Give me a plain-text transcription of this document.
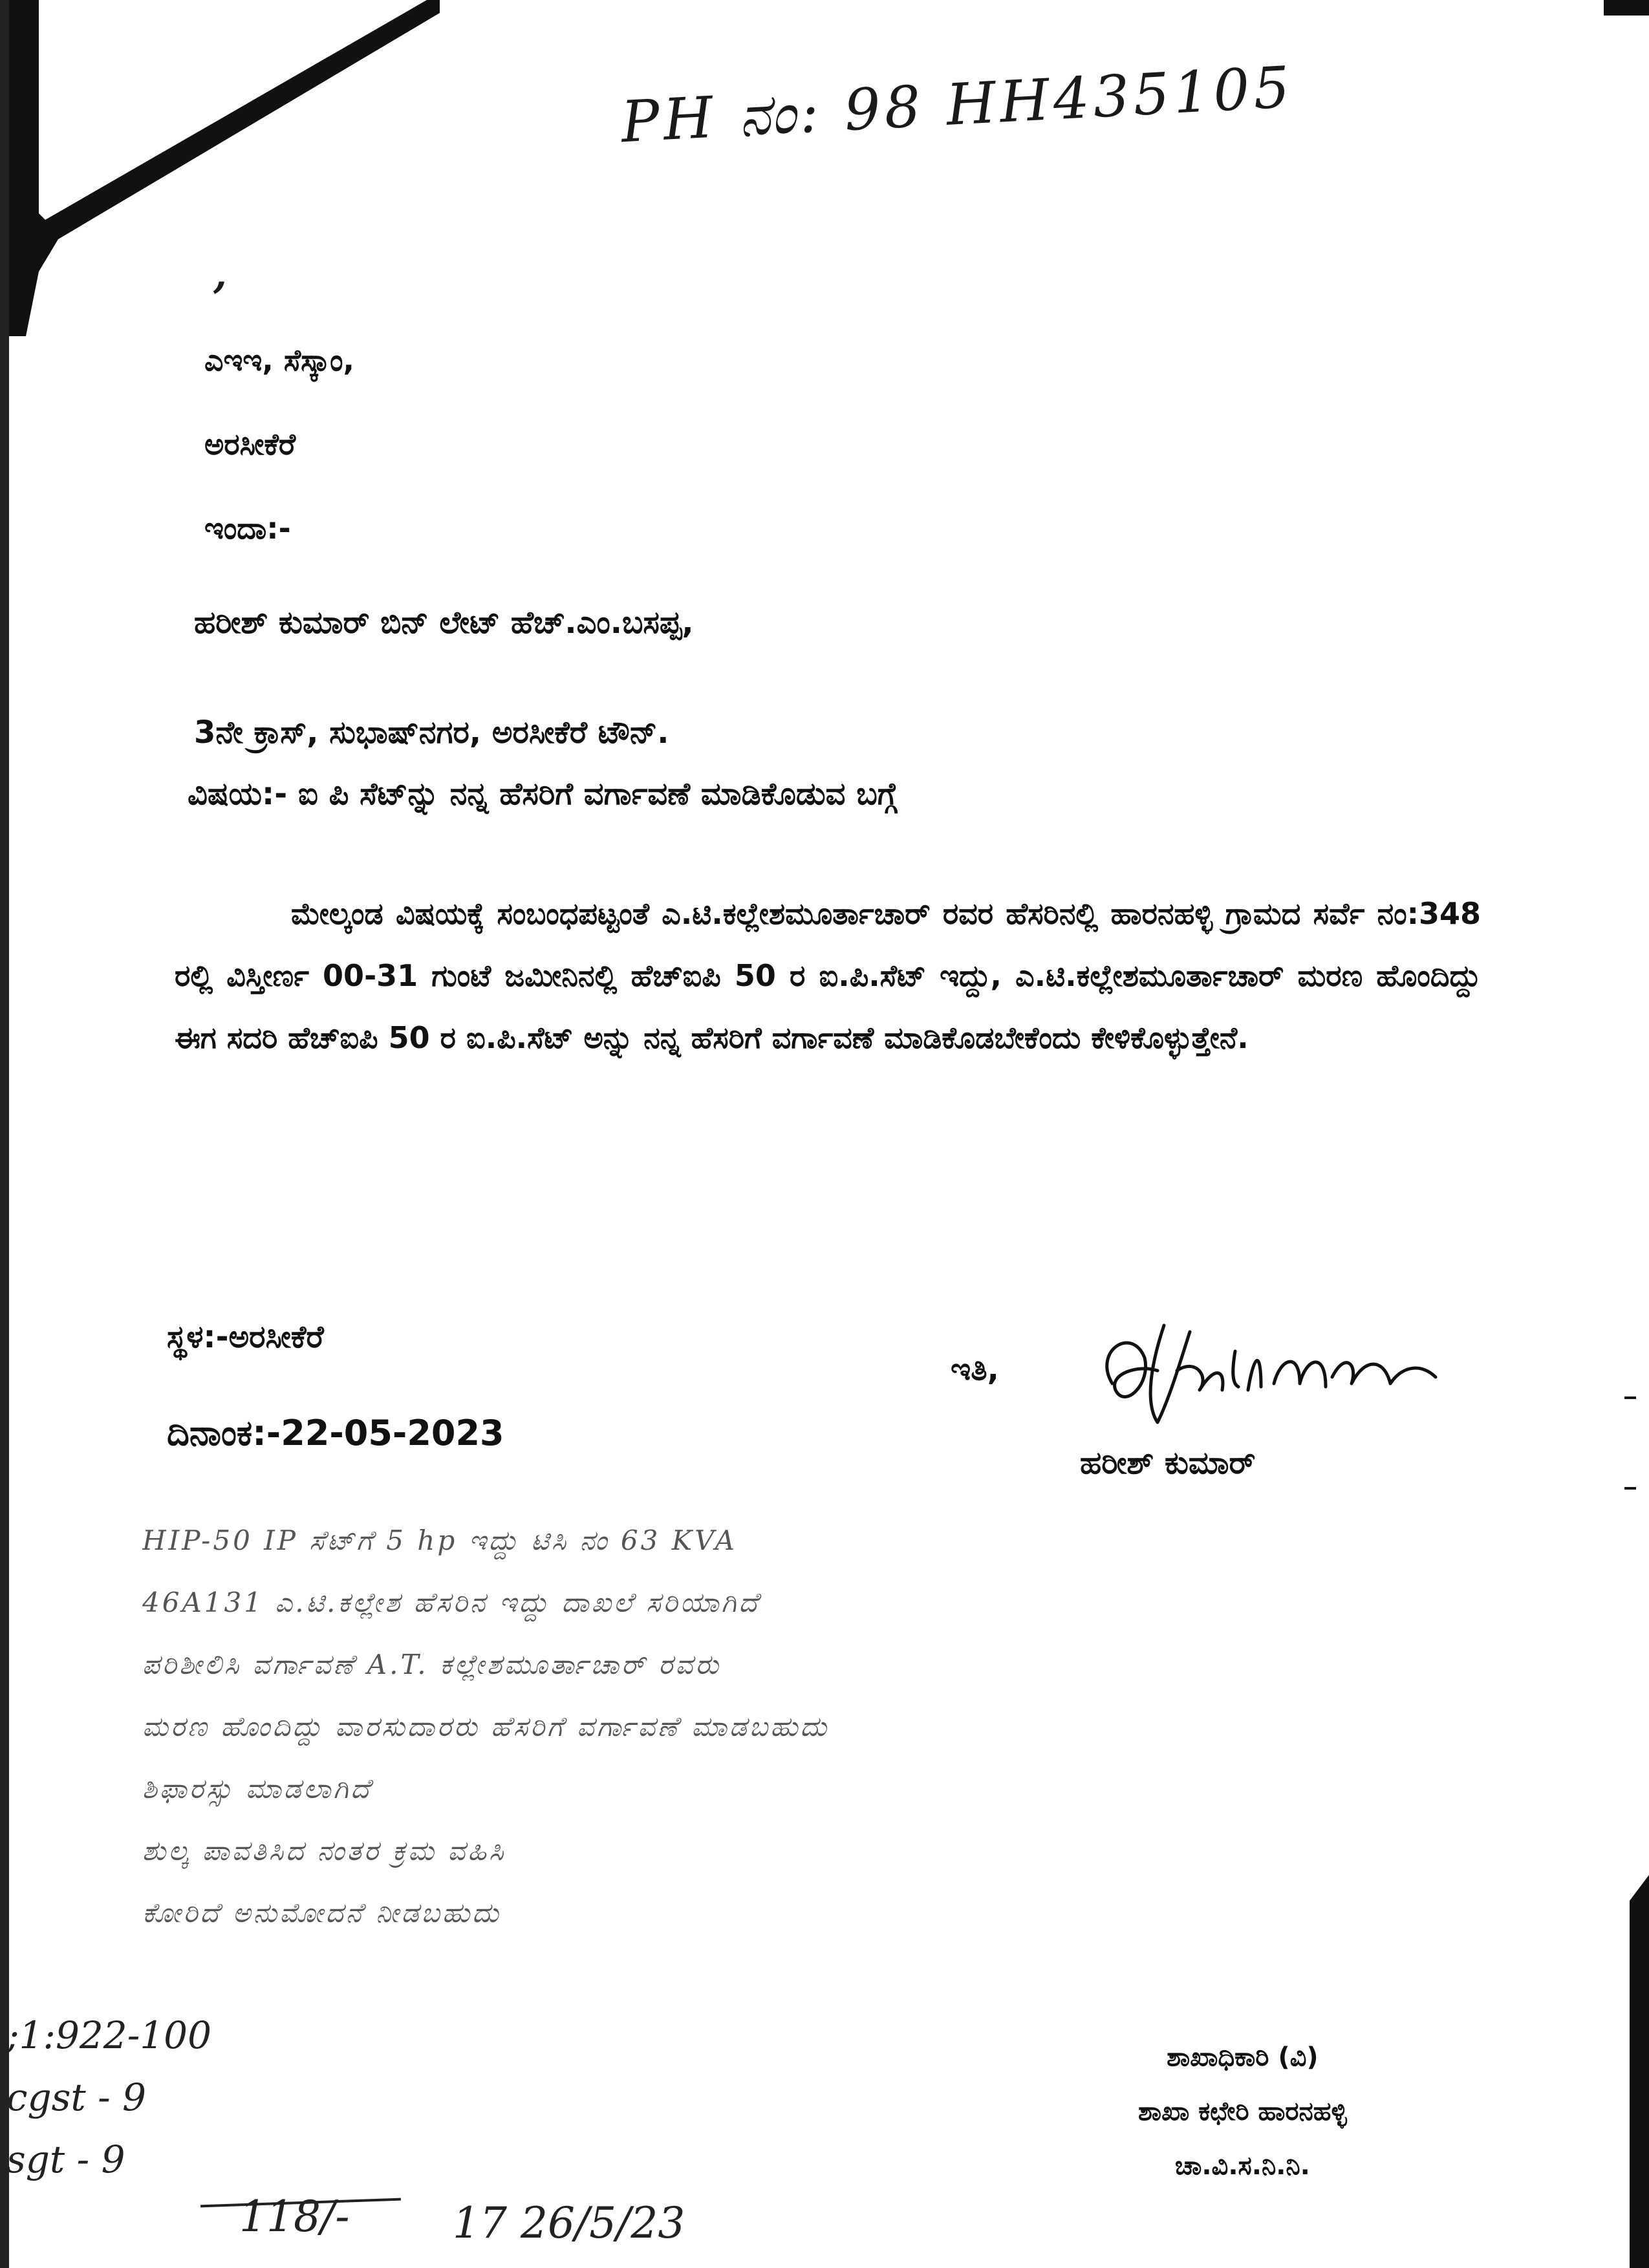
PH ನಂ: 98 HH435105
,
ಎಇಇ, ಸೆಸ್ಕಾಂ,
ಅರಸೀಕೆರೆ
ಇಂದಾ:-
ಹರೀಶ್ ಕುಮಾರ್ ಬಿನ್ ಲೇಟ್ ಹೆಚ್.ಎಂ.ಬಸಪ್ಪ,
3ನೇ ಕ್ರಾಸ್, ಸುಭಾಷ್‌ನಗರ, ಅರಸೀಕೆರೆ ಟೌನ್.
ವಿಷಯ:- ಐ ಪಿ ಸೆಟ್‌ನ್ನು ನನ್ನ ಹೆಸರಿಗೆ ವರ್ಗಾವಣೆ ಮಾಡಿಕೊಡುವ ಬಗ್ಗೆ
ಮೇಲ್ಕಂಡ ವಿಷಯಕ್ಕೆ ಸಂಬಂಧಪಟ್ಟಂತೆ ಎ.ಟಿ.ಕಲ್ಲೇಶಮೂರ್ತಾಚಾರ್ ರವರ ಹೆಸರಿನಲ್ಲಿ ಹಾರನಹಳ್ಳಿ ಗ್ರಾಮದ ಸರ್ವೆ ನಂ:348 ರಲ್ಲಿ ವಿಸ್ತೀರ್ಣ 00-31 ಗುಂಟೆ ಜಮೀನಿನಲ್ಲಿ ಹೆಚ್‌ಐಪಿ 50 ರ ಐ.ಪಿ.ಸೆಟ್ ಇದ್ದು, ಎ.ಟಿ.ಕಲ್ಲೇಶಮೂರ್ತಾಚಾರ್ ಮರಣ ಹೊಂದಿದ್ದು ಈಗ ಸದರಿ ಹೆಚ್‌ಐಪಿ 50 ರ ಐ.ಪಿ.ಸೆಟ್ ಅನ್ನು ನನ್ನ ಹೆಸರಿಗೆ ವರ್ಗಾವಣೆ ಮಾಡಿಕೊಡಬೇಕೆಂದು ಕೇಳಿಕೊಳ್ಳುತ್ತೇನೆ.
ಸ್ಥಳ:-ಅರಸೀಕೆರೆ
ದಿನಾಂಕ:-22-05-2023
ಇತಿ,
ಹರೀಶ್ ಕುಮಾರ್
HIP-50 IP ಸೆಟ್‌ಗೆ 5 hp ಇದ್ದು ಟಿಸಿ ನಂ 63 KVA
46A131 ಎ.ಟಿ.ಕಲ್ಲೇಶ ಹೆಸರಿನ ಇದ್ದು ದಾಖಲೆ ಸರಿಯಾಗಿದೆ
ಪರಿಶೀಲಿಸಿ ವರ್ಗಾವಣೆ A.T. ಕಲ್ಲೇಶಮೂರ್ತಾಚಾರ್ ರವರು
ಮರಣ ಹೊಂದಿದ್ದು ವಾರಸುದಾರರು ಹೆಸರಿಗೆ ವರ್ಗಾವಣೆ ಮಾಡಬಹುದು
ಶಿಫಾರಸ್ಸು ಮಾಡಲಾಗಿದೆ
ಶುಲ್ಕ ಪಾವತಿಸಿದ ನಂತರ ಕ್ರಮ ವಹಿಸಿ
ಕೋರಿದೆ ಅನುಮೋದನೆ ನೀಡಬಹುದು
ಶಾಖಾಧಿಕಾರಿ (ವಿ)
ಶಾಖಾ ಕಛೇರಿ ಹಾರನಹಳ್ಳಿ
ಚಾ.ವಿ.ಸ.ನಿ.ನಿ.
;1:922-100
cgst - 9
sgt - 9
118/- 17 26/5/23
